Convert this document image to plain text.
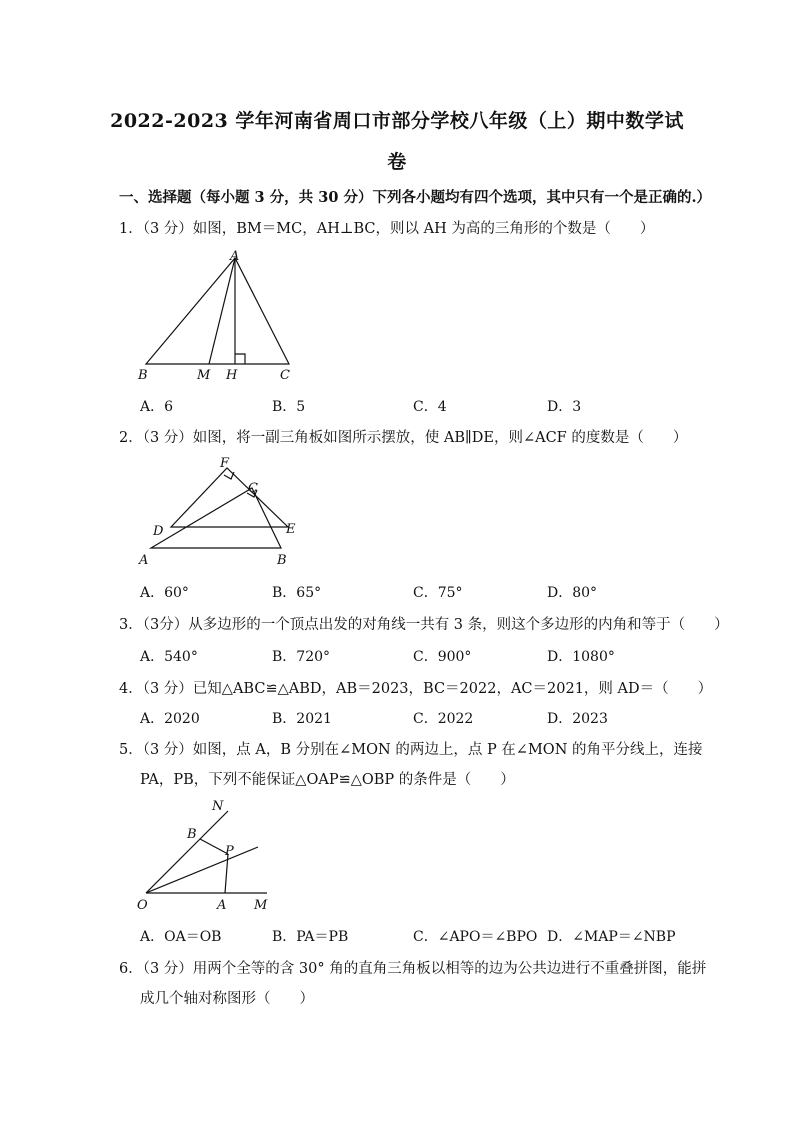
2022-2023 学年河南省周口市部分学校八年级（上）期中数学试
卷
一、选择题（每小题 3 分，共 30 分）下列各小题均有四个选项，其中只有一个是正确的.）
1．（3 分）如图，BM＝MC，AH⊥BC，则以 AH 为高的三角形的个数是（　　）
A
B	M H	C
A．6	B．5	C．4	D．3
2．（3 分）如图，将一副三角板如图所示摆放，使 AB∥DE，则∠ACF 的度数是（　　）
F
C
D	E
A	B
A．60°	B．65°	C．75°	D．80°
3．（3分）从多边形的一个顶点出发的对角线一共有 3 条，则这个多边形的内角和等于（　　）
A．540°	B．720°	C．900°	D．1080°
4．（3 分）已知△ABC≌△ABD，AB＝2023，BC＝2022，AC＝2021，则 AD＝（　　）
A．2020	B．2021	C．2022	D．2023
5．（3 分）如图，点 A，B 分别在∠MON 的两边上，点 P 在∠MON 的角平分线上，连接
PA，PB，下列不能保证△OAP≌△OBP 的条件是（　　）
N
B
P
O	A M
A．OA＝OB	B．PA＝PB	C．∠APO＝∠BPO D．∠MAP＝∠NBP
6．（3 分）用两个全等的含 30° 角的直角三角板以相等的边为公共边进行不重叠拼图，能拼
成几个轴对称图形（　　）
